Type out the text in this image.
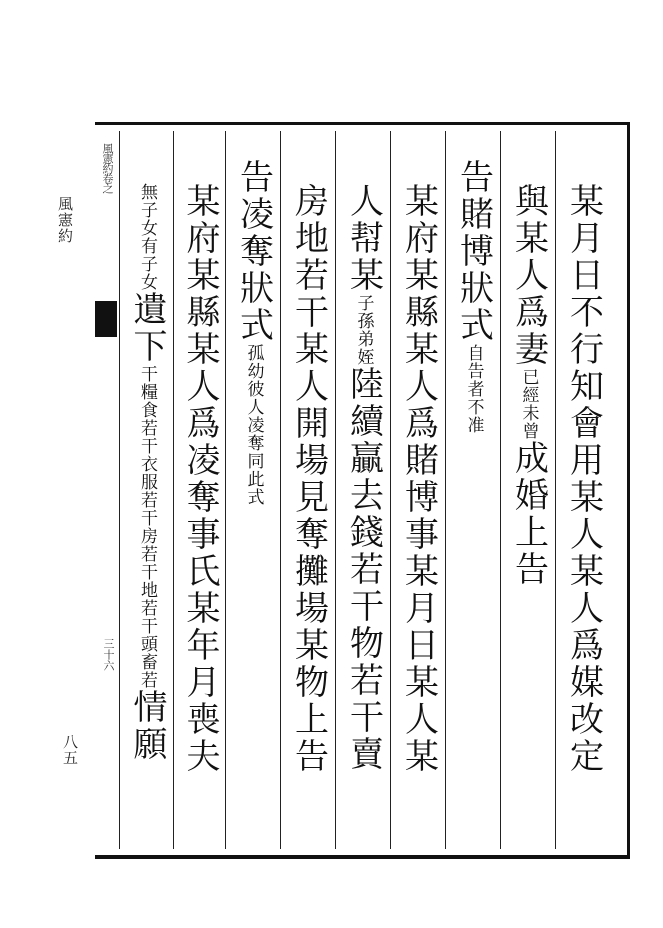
風憲約
八五
風憲約卷之
三十六	某月日不行知會用某人某人爲媒改定
與某人爲妻
未曾
已經
成婚上告
告賭博狀式自告者不准
某府某縣某人爲賭博事某月日某人某
人幇某
弟姪
子孫
陸續贏去錢若干物若干賣
房地若干某人開場見奪攤場某物上告
告凌奪狀式孤幼彼人凌奪同此式
某府某縣某人爲凌奪事氏某年月喪夫
有子女
無子女
遺下
房若干地若干頭畜若
干糧食若干衣服若干
情願
